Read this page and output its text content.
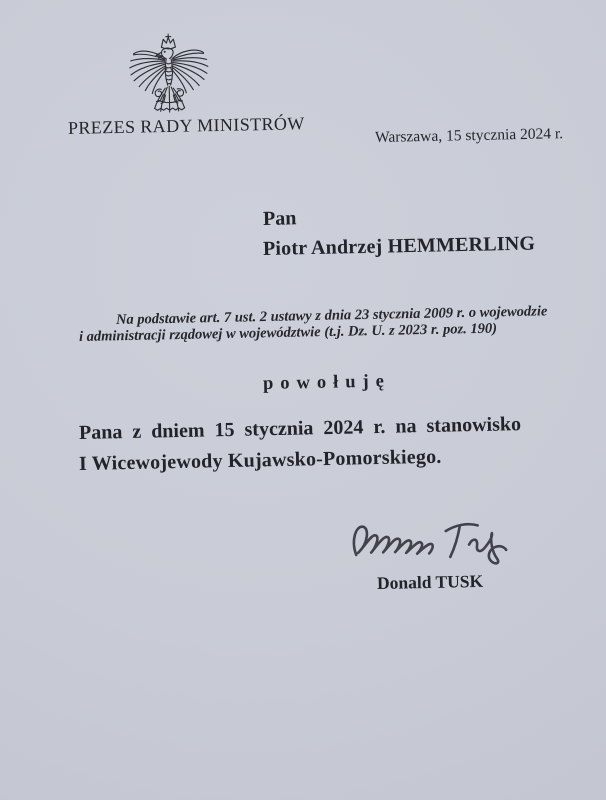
PREZES RADY MINISTRÓW	Warszawa, 15 stycznia 2024 r.
Pan
Piotr Andrzej HEMMERLING
Na podstawie art. 7 ust. 2 ustawy z dnia 23 stycznia 2009 r. o wojewodzie
i administracji rządowej w województwie (t.j. Dz. U. z 2023 r. poz. 190)
powołuję
Pana z dniem 15 stycznia 2024 r. na stanowisko
I Wicewojewody Kujawsko-Pomorskiego.
Donald TUSK
